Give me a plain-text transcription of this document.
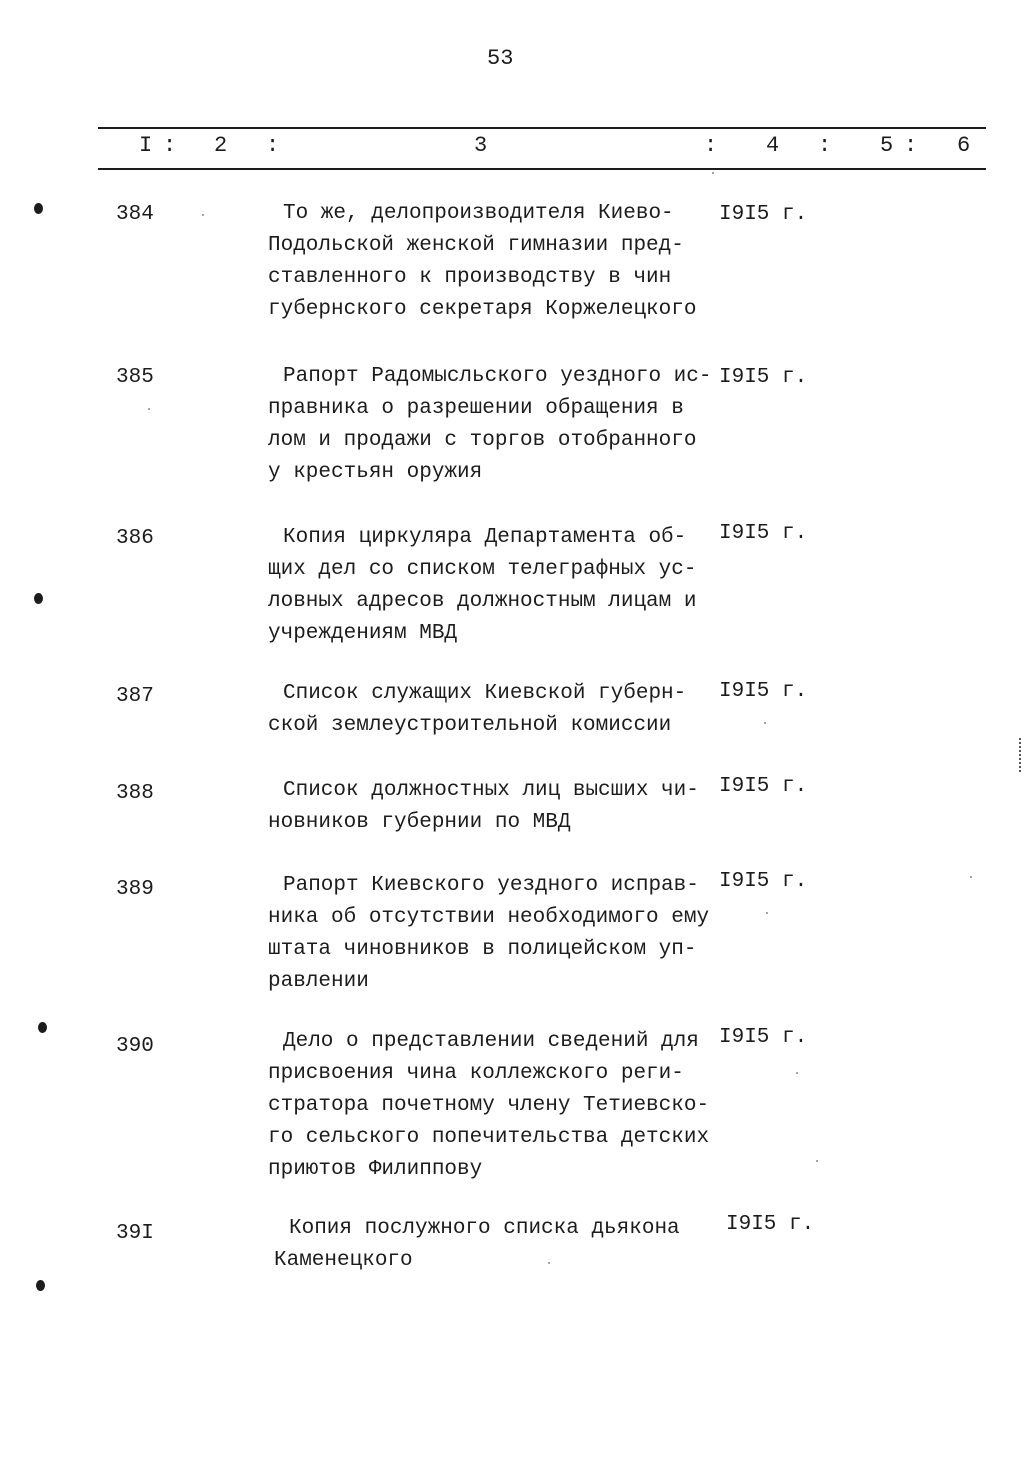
53
I : 2 :	3	: 4 : 5 : 6
384	То же, делопроизводителя Киево-
Подольской женской гимназии пред-
ставленного к производству в чин
губернского секретаря Коржелецкого
I9I5 г.
385	Рапорт Радомысльского уездного ис-
правника о разрешении обращения в
лом и продажи с торгов отобранного
у крестьян оружия
I9I5 г.
386	Копия циркуляра Департамента об-
щих дел со списком телеграфных ус-
ловных адресов должностным лицам и
учреждениям МВД
I9I5 г.
387	Список служащих Киевской губерн-
ской землеустроительной комиссии
I9I5 г.
388	Список должностных лиц высших чи-
новников губернии по МВД
I9I5 г.
389	Рапорт Киевского уездного исправ-
ника об отсутствии необходимого ему
штата чиновников в полицейском уп-
равлении
I9I5 г.
390	Дело о представлении сведений для
присвоения чина коллежского реги-
стратора почетному члену Тетиевско-
го сельского попечительства детских
приютов Филиппову
I9I5 г.
39I	Копия послужного списка дьякона
Каменецкого
I9I5 г.
